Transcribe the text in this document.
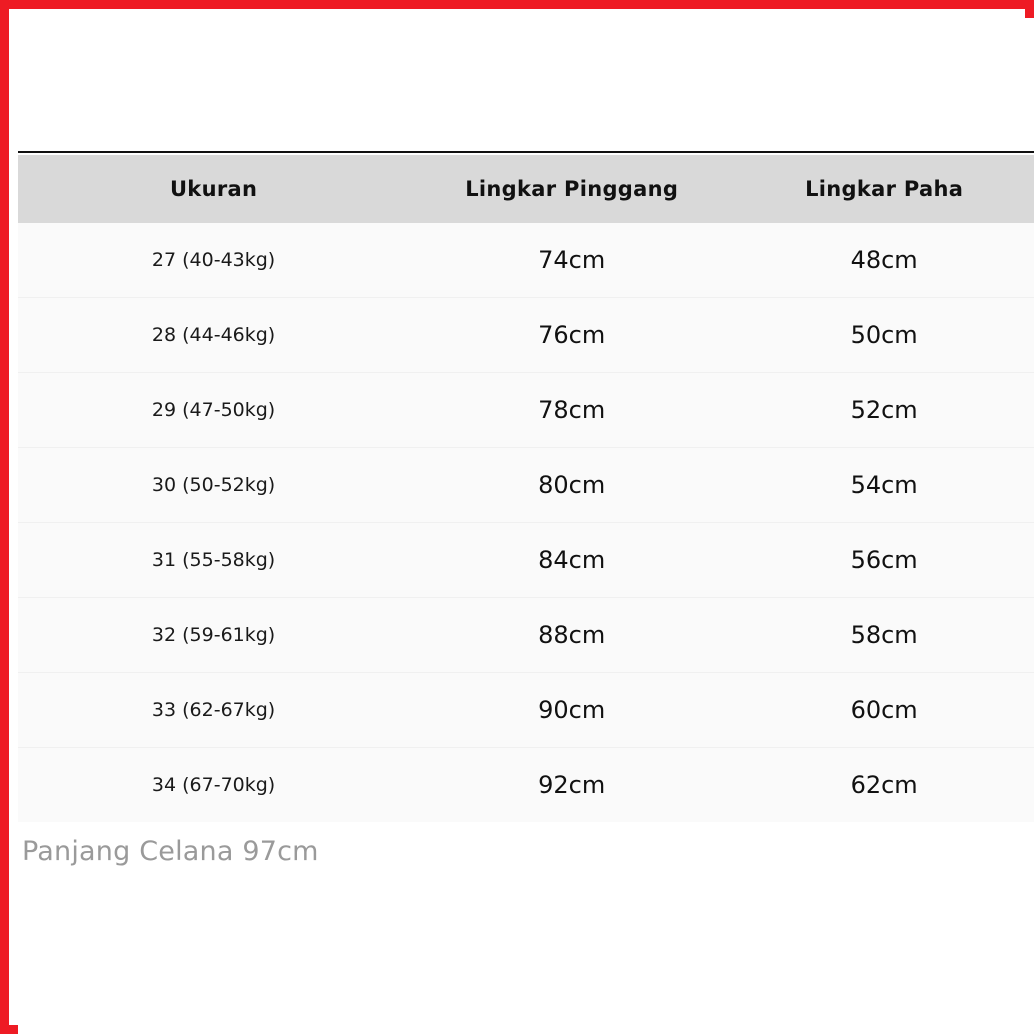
Ukuran	Lingkar Pinggang	Lingkar Paha
27 (40-43kg)	74cm	48cm
28 (44-46kg)	76cm	50cm
29 (47-50kg)	78cm	52cm
30 (50-52kg)	80cm	54cm
31 (55-58kg)	84cm	56cm
32 (59-61kg)	88cm	58cm
33 (62-67kg)	90cm	60cm
34 (67-70kg)	92cm	62cm
Panjang Celana 97cm
